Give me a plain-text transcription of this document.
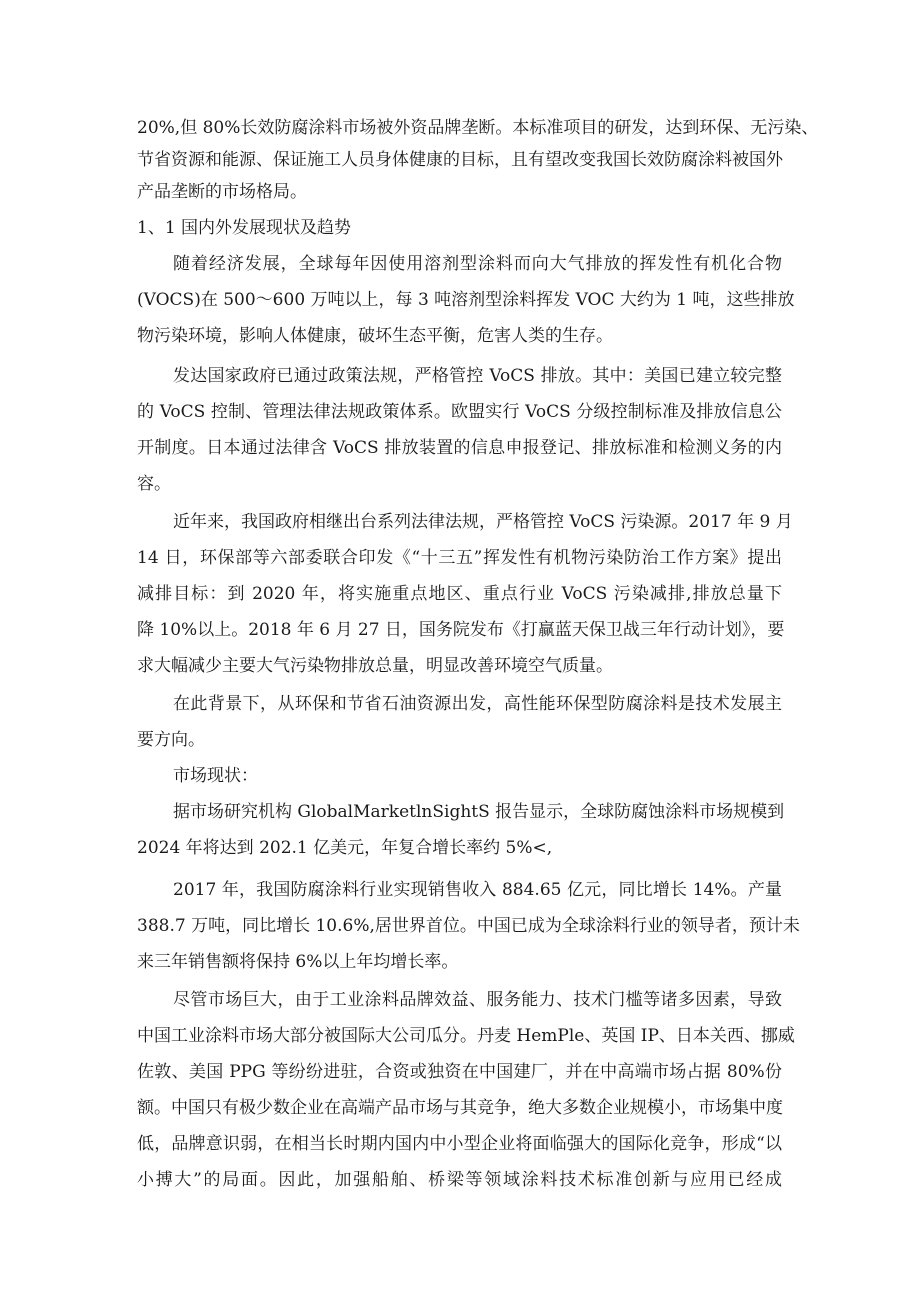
20%,但 80%长效防腐涂料市场被外资品牌垄断。本标准项目的研发，达到环保、无污染、
节省资源和能源、保证施工人员身体健康的目标，且有望改变我国长效防腐涂料被国外
产品垄断的市场格局。
1、1 国内外发展现状及趋势
随着经济发展，全球每年因使用溶剂型涂料而向大气排放的挥发性有机化合物
(VOCS)在 500～600 万吨以上，每 3 吨溶剂型涂料挥发 VOC 大约为 1 吨，这些排放
物污染环境，影响人体健康，破坏生态平衡，危害人类的生存。
发达国家政府已通过政策法规，严格管控 VoCS 排放。其中：美国已建立较完整
的 VoCS 控制、管理法律法规政策体系。欧盟实行 VoCS 分级控制标准及排放信息公
开制度。日本通过法律含 VoCS 排放装置的信息申报登记、排放标准和检测义务的内
容。
近年来，我国政府相继出台系列法律法规，严格管控 VoCS 污染源。2017 年 9 月
14 日，环保部等六部委联合印发《“十三五”挥发性有机物污染防治工作方案》提出
减排目标：到 2020 年，将实施重点地区、重点行业 VoCS 污染减排,排放总量下
降 10%以上。2018 年 6 月 27 日，国务院发布《打赢蓝天保卫战三年行动计划》，要
求大幅减少主要大气污染物排放总量，明显改善环境空气质量。
在此背景下，从环保和节省石油资源出发，高性能环保型防腐涂料是技术发展主
要方向。
市场现状：
据市场研究机构 GlobalMarketlnSightS 报告显示，全球防腐蚀涂料市场规模到
2024 年将达到 202.1 亿美元，年复合增长率约 5%<,
2017 年，我国防腐涂料行业实现销售收入 884.65 亿元，同比增长 14%。产量
388.7 万吨，同比增长 10.6%,居世界首位。中国已成为全球涂料行业的领导者，预计未
来三年销售额将保持 6%以上年均增长率。
尽管市场巨大，由于工业涂料品牌效益、服务能力、技术门槛等诸多因素，导致
中国工业涂料市场大部分被国际大公司瓜分。丹麦 HemPle、英国 IP、日本关西、挪威
佐敦、美国 PPG 等纷纷进驻，合资或独资在中国建厂，并在中高端市场占据 80%份
额。中国只有极少数企业在高端产品市场与其竞争，绝大多数企业规模小，市场集中度
低，品牌意识弱，在相当长时期内国内中小型企业将面临强大的国际化竞争，形成“以
小搏大”的局面。因此，加强船舶、桥梁等领域涂料技术标准创新与应用已经成
